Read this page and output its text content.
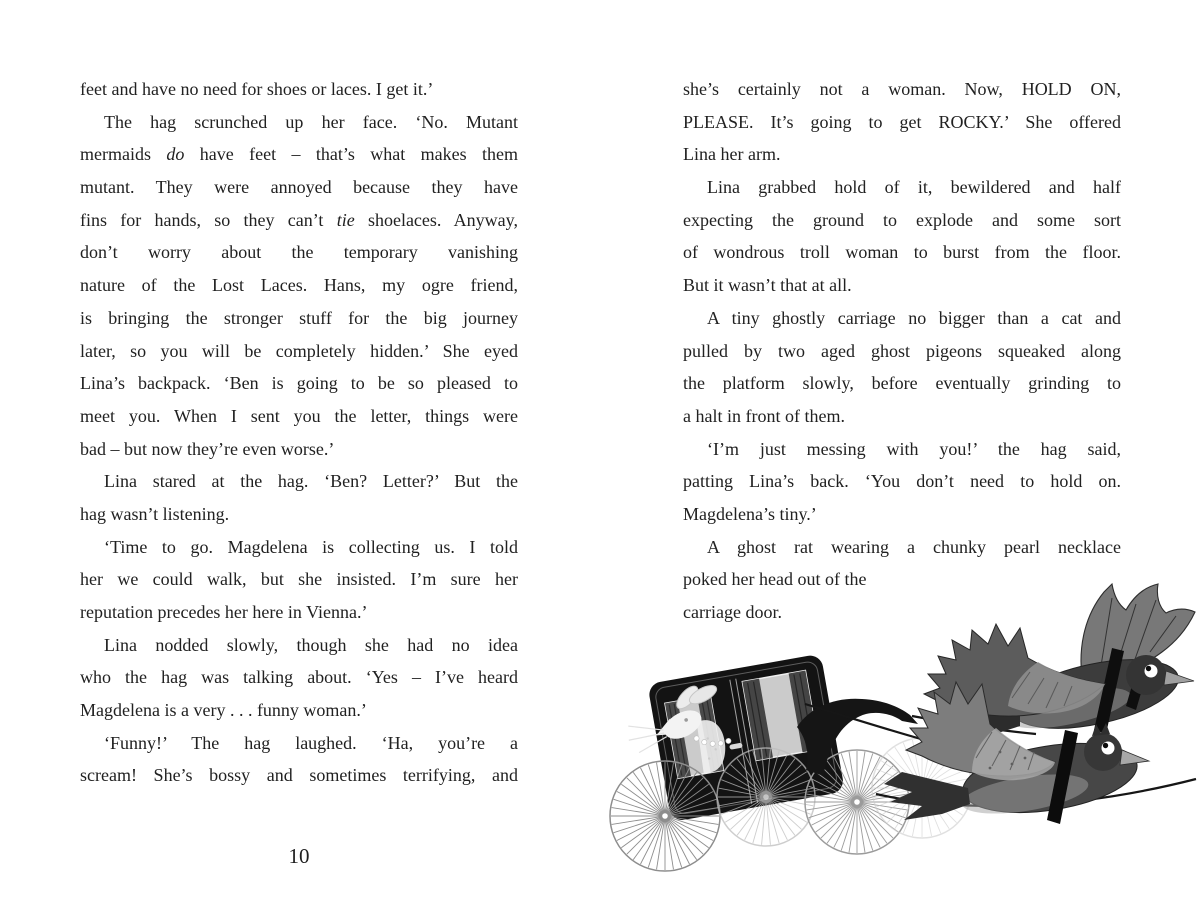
feet and have no need for shoes or laces. I get it.’
The hag scrunched up her face. ‘No. Mutant
mermaids do have feet – that’s what makes them
mutant. They were annoyed because they have
fins for hands, so they can’t tie shoelaces. Anyway,
don’t worry about the temporary vanishing
nature of the Lost Laces. Hans, my ogre friend,
is bringing the stronger stuff for the big journey
later, so you will be completely hidden.’ She eyed
Lina’s backpack. ‘Ben is going to be so pleased to
meet you. When I sent you the letter, things were
bad – but now they’re even worse.’
Lina stared at the hag. ‘Ben? Letter?’ But the
hag wasn’t listening.
‘Time to go. Magdelena is collecting us. I told
her we could walk, but she insisted. I’m sure her
reputation precedes her here in Vienna.’
Lina nodded slowly, though she had no idea
who the hag was talking about. ‘Yes – I’ve heard
Magdelena is a very . . . funny woman.’
‘Funny!’ The hag laughed. ‘Ha, you’re a
scream! She’s bossy and sometimes terrifying, and
10
she’s certainly not a woman. Now, HOLD ON,
PLEASE. It’s going to get ROCKY.’ She offered
Lina her arm.
Lina grabbed hold of it, bewildered and half
expecting the ground to explode and some sort
of wondrous troll woman to burst from the floor.
But it wasn’t that at all.
A tiny ghostly carriage no bigger than a cat and
pulled by two aged ghost pigeons squeaked along
the platform slowly, before eventually grinding to
a halt in front of them.
‘I’m just messing with you!’ the hag said,
patting Lina’s back. ‘You don’t need to hold on.
Magdelena’s tiny.’
A ghost rat wearing a chunky pearl necklace
poked her head out of the
carriage door.
